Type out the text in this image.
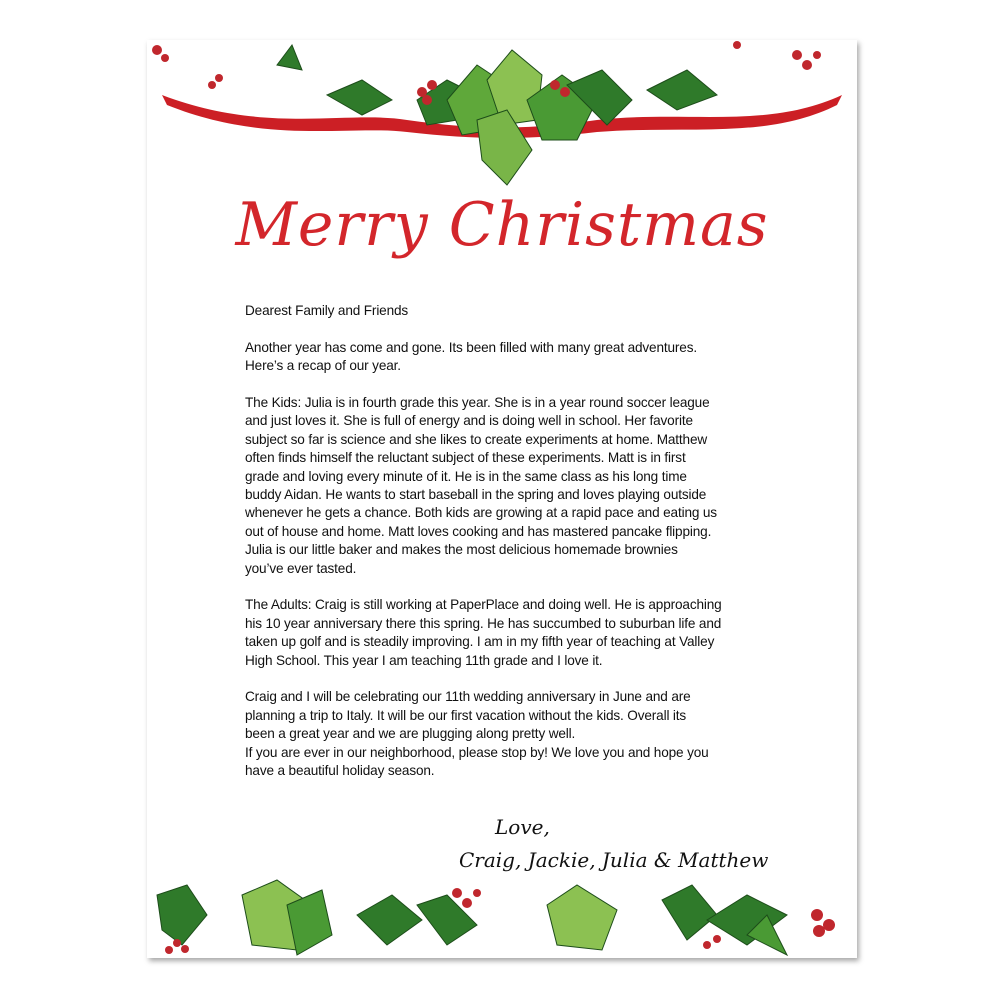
Merry Christmas

Dearest Family and Friends

Another year has come and gone. Its been filled with many great adventures.
Here’s a recap of our year.

The Kids: Julia is in fourth grade this year. She is in a year round soccer league
and just loves it. She is full of energy and is doing well in school. Her favorite
subject so far is science and she likes to create experiments at home. Matthew
often finds himself the reluctant subject of these experiments. Matt is in first
grade and loving every minute of it. He is in the same class as his long time
buddy Aidan. He wants to start baseball in the spring and loves playing outside
whenever he gets a chance. Both kids are growing at a rapid pace and eating us
out of house and home. Matt loves cooking and has mastered pancake flipping.
Julia is our little baker and makes the most delicious homemade brownies
you’ve ever tasted.

The Adults: Craig is still working at PaperPlace and doing well. He is approaching
his 10 year anniversary there this spring. He has succumbed to suburban life and
taken up golf and is steadily improving. I am in my fifth year of teaching at Valley
High School. This year I am teaching 11th grade and I love it.

Craig and I will be celebrating our 11th wedding anniversary in June and are
planning a trip to Italy. It will be our first vacation without the kids. Overall its
been a great year and we are plugging along pretty well.
If you are ever in our neighborhood, please stop by! We love you and hope you
have a beautiful holiday season.

Love,
Craig, Jackie, Julia & Matthew
